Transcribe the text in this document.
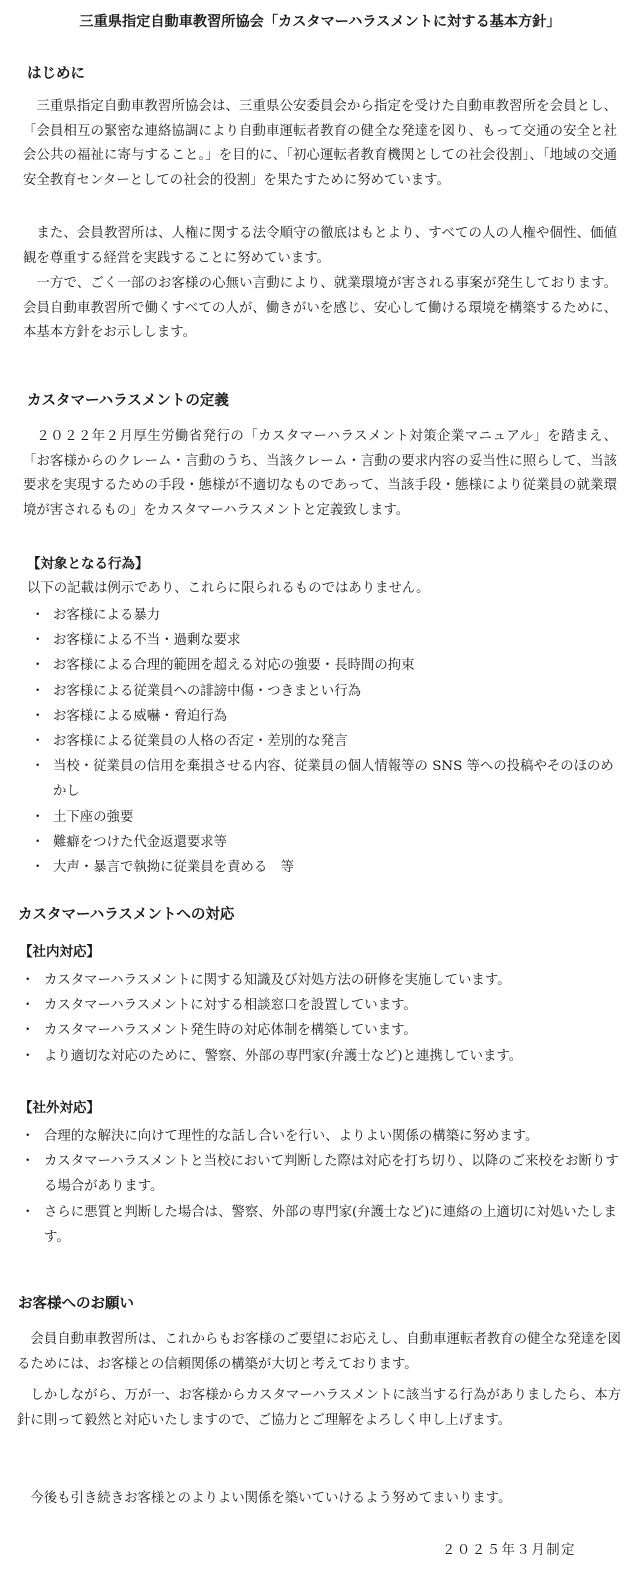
三重県指定自動車教習所協会「カスタマーハラスメントに対する基本方針」
はじめに

三重県指定自動車教習所協会は、三重県公安委員会から指定を受けた自動車教習所を会員とし、「会員相互の緊密な連絡協調により自動車運転者教育の健全な発達を図り、もって交通の安全と社会公共の福祉に寄与すること。」を目的に、「初心運転者教育機関としての社会役割」、「地域の交通安全教育センターとしての社会的役割」を果たすために努めています。

また、会員教習所は、人権に関する法令順守の徹底はもとより、すべての人の人権や個性、価値観を尊重する経営を実践することに努めています。

一方で、ごく一部のお客様の心無い言動により、就業環境が害される事案が発生しております。会員自動車教習所で働くすべての人が、働きがいを感じ、安心して働ける環境を構築するために、本基本方針をお示しします。

カスタマーハラスメントの定義

２０２２年２月厚生労働省発行の「カスタマーハラスメント対策企業マニュアル」を踏まえ、「お客様からのクレーム・言動のうち、当該クレーム・言動の要求内容の妥当性に照らして、当該要求を実現するための手段・態様が不適切なものであって、当該手段・態様により従業員の就業環境が害されるもの」をカスタマーハラスメントと定義致します。

【対象となる行為】
以下の記載は例示であり、これらに限られるものではありません。
・ お客様による暴力
・ お客様による不当・過剰な要求
・ お客様による合理的範囲を超える対応の強要・長時間の拘束
・ お客様による従業員への誹謗中傷・つきまとい行為
・ お客様による威嚇・脅迫行為
・ お客様による従業員の人格の否定・差別的な発言
・ 当校・従業員の信用を棄損させる内容、従業員の個人情報等の SNS 等への投稿やそのほのめかし
・ 土下座の強要
・ 難癖をつけた代金返還要求等
・ 大声・暴言で執拗に従業員を責める　等
カスタマーハラスメントへの対応
【社内対応】
・ カスタマーハラスメントに関する知識及び対処方法の研修を実施しています。
・ カスタマーハラスメントに対する相談窓口を設置しています。
・ カスタマーハラスメント発生時の対応体制を構築しています。
・ より適切な対応のために、警察、外部の専門家(弁護士など)と連携しています。
【社外対応】
・ 合理的な解決に向けて理性的な話し合いを行い、よりよい関係の構築に努めます。
・ カスタマーハラスメントと当校において判断した際は対応を打ち切り、以降のご来校をお断りする場合があります。
・ さらに悪質と判断した場合は、警察、外部の専門家(弁護士など)に連絡の上適切に対処いたします。
お客様へのお願い

会員自動車教習所は、これからもお客様のご要望にお応えし、自動車運転者教育の健全な発達を図るためには、お客様との信頼関係の構築が大切と考えております。

しかしながら、万が一、お客様からカスタマーハラスメントに該当する行為がありましたら、本方針に則って毅然と対応いたしますので、ご協力とご理解をよろしく申し上げます。

今後も引き続きお客様とのよりよい関係を築いていけるよう努めてまいります。

２０２５年３月制定
